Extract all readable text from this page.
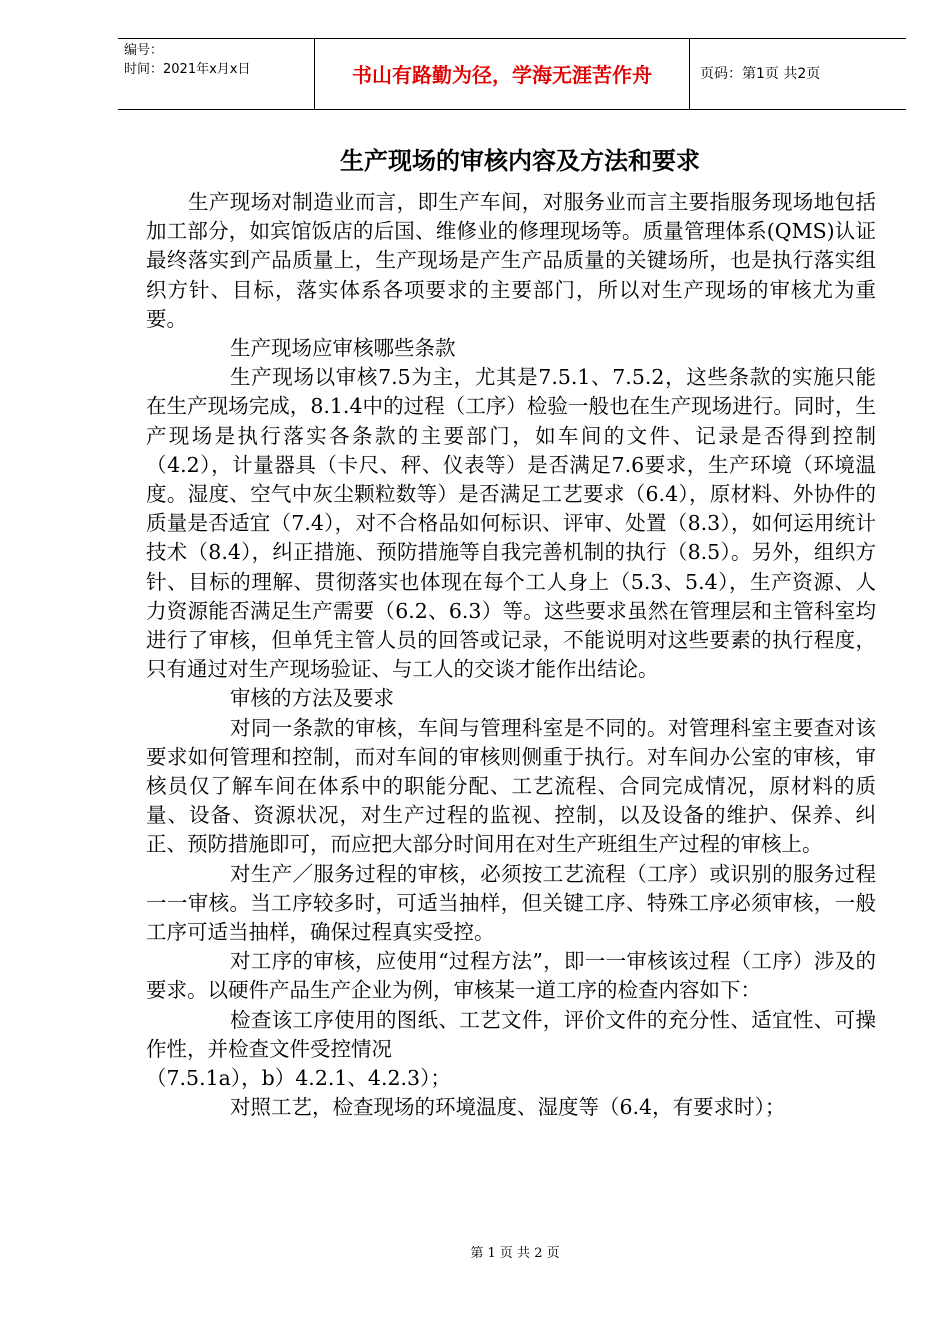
编号：
时间：2021年x月x日	书山有路勤为径，学海无涯苦作舟	页码：第1页 共2页
生产现场的审核内容及方法和要求

生产现场对制造业而言，即生产车间，对服务业而言主要指服务现场地包括加工部分，如宾馆饭店的后国、维修业的修理现场等。质量管理体系(QMS)认证最终落实到产品质量上，生产现场是产生产品质量的关键场所，也是执行落实组织方针、目标，落实体系各项要求的主要部门，所以对生产现场的审核尤为重要。

生产现场应审核哪些条款

生产现场以审核7.5为主，尤其是7.5.1、7.5.2，这些条款的实施只能在生产现场完成，8.1.4中的过程（工序）检验一般也在生产现场进行。同时，生产现场是执行落实各条款的主要部门，如车间的文件、记录是否得到控制（4.2），计量器具（卡尺、秤、仪表等）是否满足7.6要求，生产环境（环境温度。湿度、空气中灰尘颗粒数等）是否满足工艺要求（6.4），原材料、外协件的质量是否适宜（7.4），对不合格品如何标识、评审、处置（8.3），如何运用统计技术（8.4），纠正措施、预防措施等自我完善机制的执行（8.5）。另外，组织方针、目标的理解、贯彻落实也体现在每个工人身上（5.3、5.4），生产资源、人力资源能否满足生产需要（6.2、6.3）等。这些要求虽然在管理层和主管科室均进行了审核，但单凭主管人员的回答或记录，不能说明对这些要素的执行程度，只有通过对生产现场验证、与工人的交谈才能作出结论。

审核的方法及要求

对同一条款的审核，车间与管理科室是不同的。对管理科室主要查对该要求如何管理和控制，而对车间的审核则侧重于执行。对车间办公室的审核，审核员仅了解车间在体系中的职能分配、工艺流程、合同完成情况，原材料的质量、设备、资源状况，对生产过程的监视、控制，以及设备的维护、保养、纠正、预防措施即可，而应把大部分时间用在对生产班组生产过程的审核上。

对生产／服务过程的审核，必须按工艺流程（工序）或识别的服务过程一一审核。当工序较多时，可适当抽样，但关键工序、特殊工序必须审核，一般工序可适当抽样，确保过程真实受控。

对工序的审核，应使用“过程方法”，即一一审核该过程（工序）涉及的要求。以硬件产品生产企业为例，审核某一道工序的检查内容如下：

检查该工序使用的图纸、工艺文件，评价文件的充分性、适宜性、可操作性，并检查文件受控情况

（7.5.1a），b）4.2.1、4.2.3）；

对照工艺，检查现场的环境温度、湿度等（6.4，有要求时）；

第 1 页 共 2 页
